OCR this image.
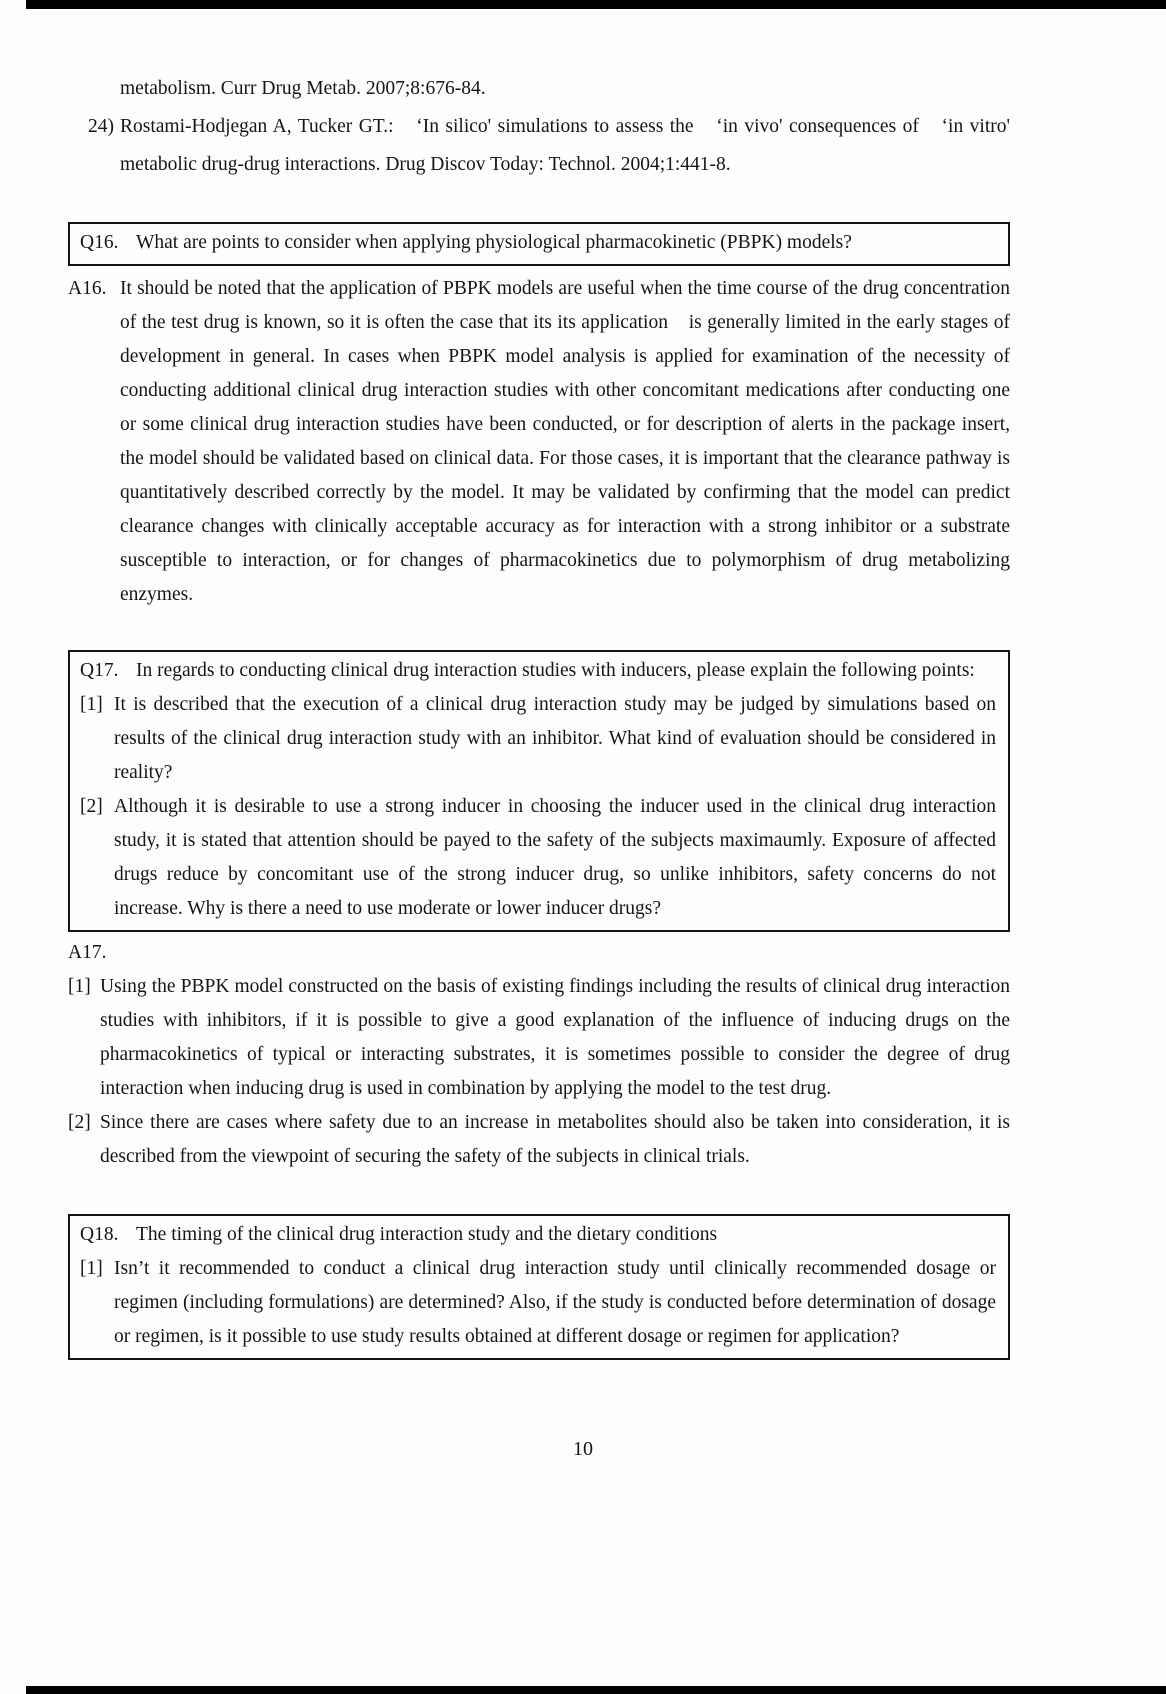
metabolism. Curr Drug Metab. 2007;8:676-84.

24) Rostami-Hodjegan A, Tucker GT.:　‘In silico' simulations to assess the　‘in vivo' consequences of　‘in vitro' metabolic drug-drug interactions. Drug Discov Today: Technol. 2004;1:441‐8.

Q16. What are points to consider when applying physiological pharmacokinetic (PBPK) models?
A16. It should be noted that the application of PBPK models are useful when the time course of the drug concentration of the test drug is known, so it is often the case that its its application　is generally limited in the early stages of development in general. In cases when PBPK model analysis is applied for examination of the necessity of conducting additional clinical drug interaction studies with other concomitant medications after conducting one or some clinical drug interaction studies have been conducted, or for description of alerts in the package insert, the model should be validated based on clinical data. For those cases, it is important that the clearance pathway is quantitatively described correctly by the model. It may be validated by confirming that the model can predict clearance changes with clinically acceptable accuracy as for interaction with a strong inhibitor or a substrate susceptible to interaction, or for changes of pharmacokinetics due to polymorphism of drug metabolizing enzymes.
Q17. In regards to conducting clinical drug interaction studies with inducers, please explain the following points:
[1] It is described that the execution of a clinical drug interaction study may be judged by simulations based on results of the clinical drug interaction study with an inhibitor. What kind of evaluation should be considered in reality?
[2] Although it is desirable to use a strong inducer in choosing the inducer used in the clinical drug interaction study, it is stated that attention should be payed to the safety of the subjects maximaumly. Exposure of affected drugs reduce by concomitant use of the strong inducer drug, so unlike inhibitors, safety concerns do not increase. Why is there a need to use moderate or lower inducer drugs?

A17.

[1] Using the PBPK model constructed on the basis of existing findings including the results of clinical drug interaction studies with inhibitors, if it is possible to give a good explanation of the influence of inducing drugs on the pharmacokinetics of typical or interacting substrates, it is sometimes possible to consider the degree of drug interaction when inducing drug is used in combination by applying the model to the test drug.
[2] Since there are cases where safety due to an increase in metabolites should also be taken into consideration, it is described from the viewpoint of securing the safety of the subjects in clinical trials.
Q18. The timing of the clinical drug interaction study and the dietary conditions
[1] Isn’t it recommended to conduct a clinical drug interaction study until clinically recommended dosage or regimen (including formulations) are determined? Also, if the study is conducted before determination of dosage or regimen, is it possible to use study results obtained at different dosage or regimen for application?
10
